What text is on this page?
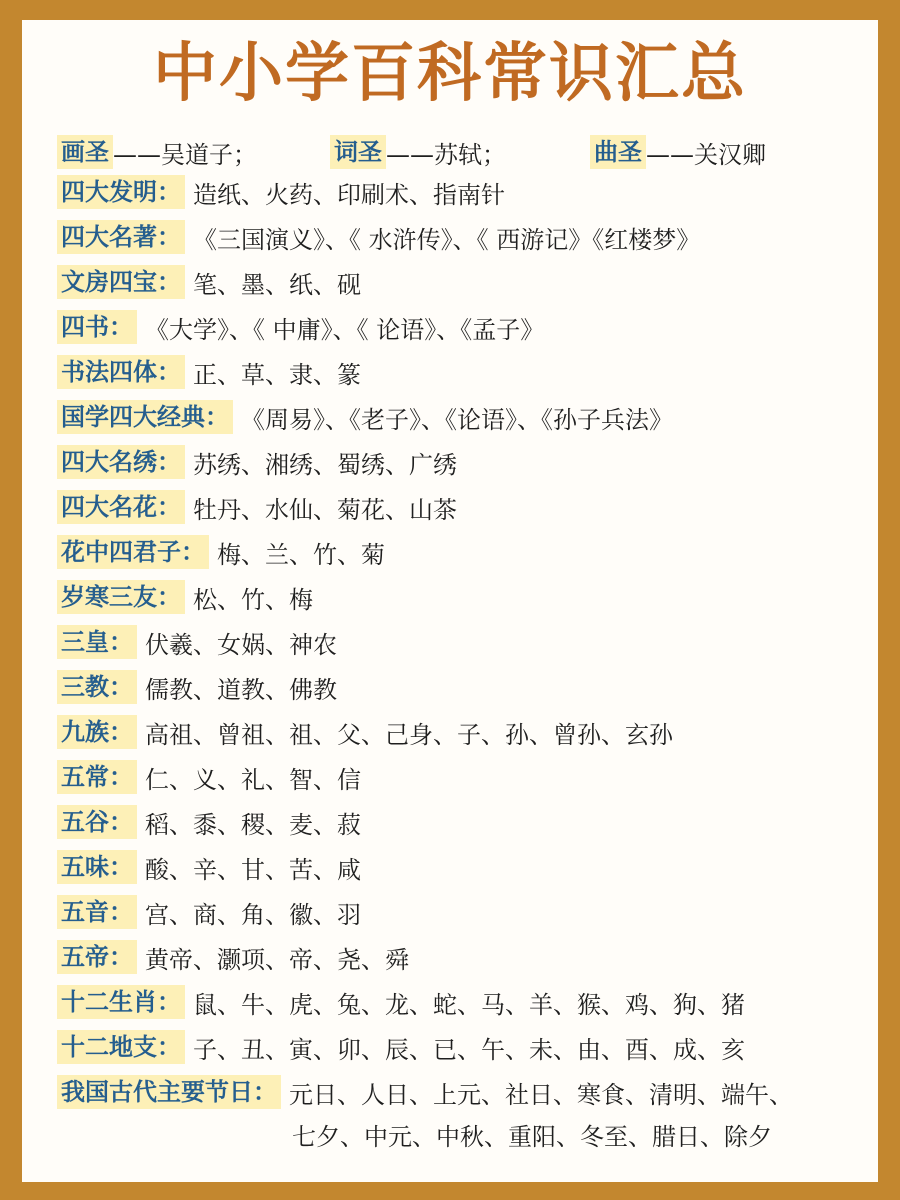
中小学百科常识汇总
画圣 ——吴道子；	词圣 ——苏轼；	曲圣 ——关汉卿
四大发明： 造纸、火药、印刷术、指南针
四大名著： 《三国演义》、《 水浒传》、《 西游记》《红楼梦》
文房四宝： 笔、墨、纸、砚
四书： 《大学》、《 中庸》、《 论语》、《孟子》
书法四体： 正、草、隶、篆
国学四大经典： 《周易》、《老子》、《论语》、《孙子兵法》
四大名绣： 苏绣、湘绣、蜀绣、广绣
四大名花： 牡丹、水仙、菊花、山茶
花中四君子： 梅、兰、竹、菊
岁寒三友： 松、竹、梅
三皇： 伏羲、女娲、神农
三教： 儒教、道教、佛教
九族： 高祖、曾祖、祖、父、己身、子、孙、曾孙、玄孙
五常： 仁、义、礼、智、信
五谷： 稻、黍、稷、麦、菽
五味： 酸、辛、甘、苦、咸
五音： 宫、商、角、徽、羽
五帝： 黄帝、灏项、帝、尧、舜
十二生肖： 鼠、牛、虎、兔、龙、蛇、马、羊、猴、鸡、狗、猪
十二地支： 子、丑、寅、卯、辰、已、午、未、由、酉、成、亥
我国古代主要节日： 元日、人日、上元、社日、寒食、清明、端午、
七夕、中元、中秋、重阳、冬至、腊日、除夕
